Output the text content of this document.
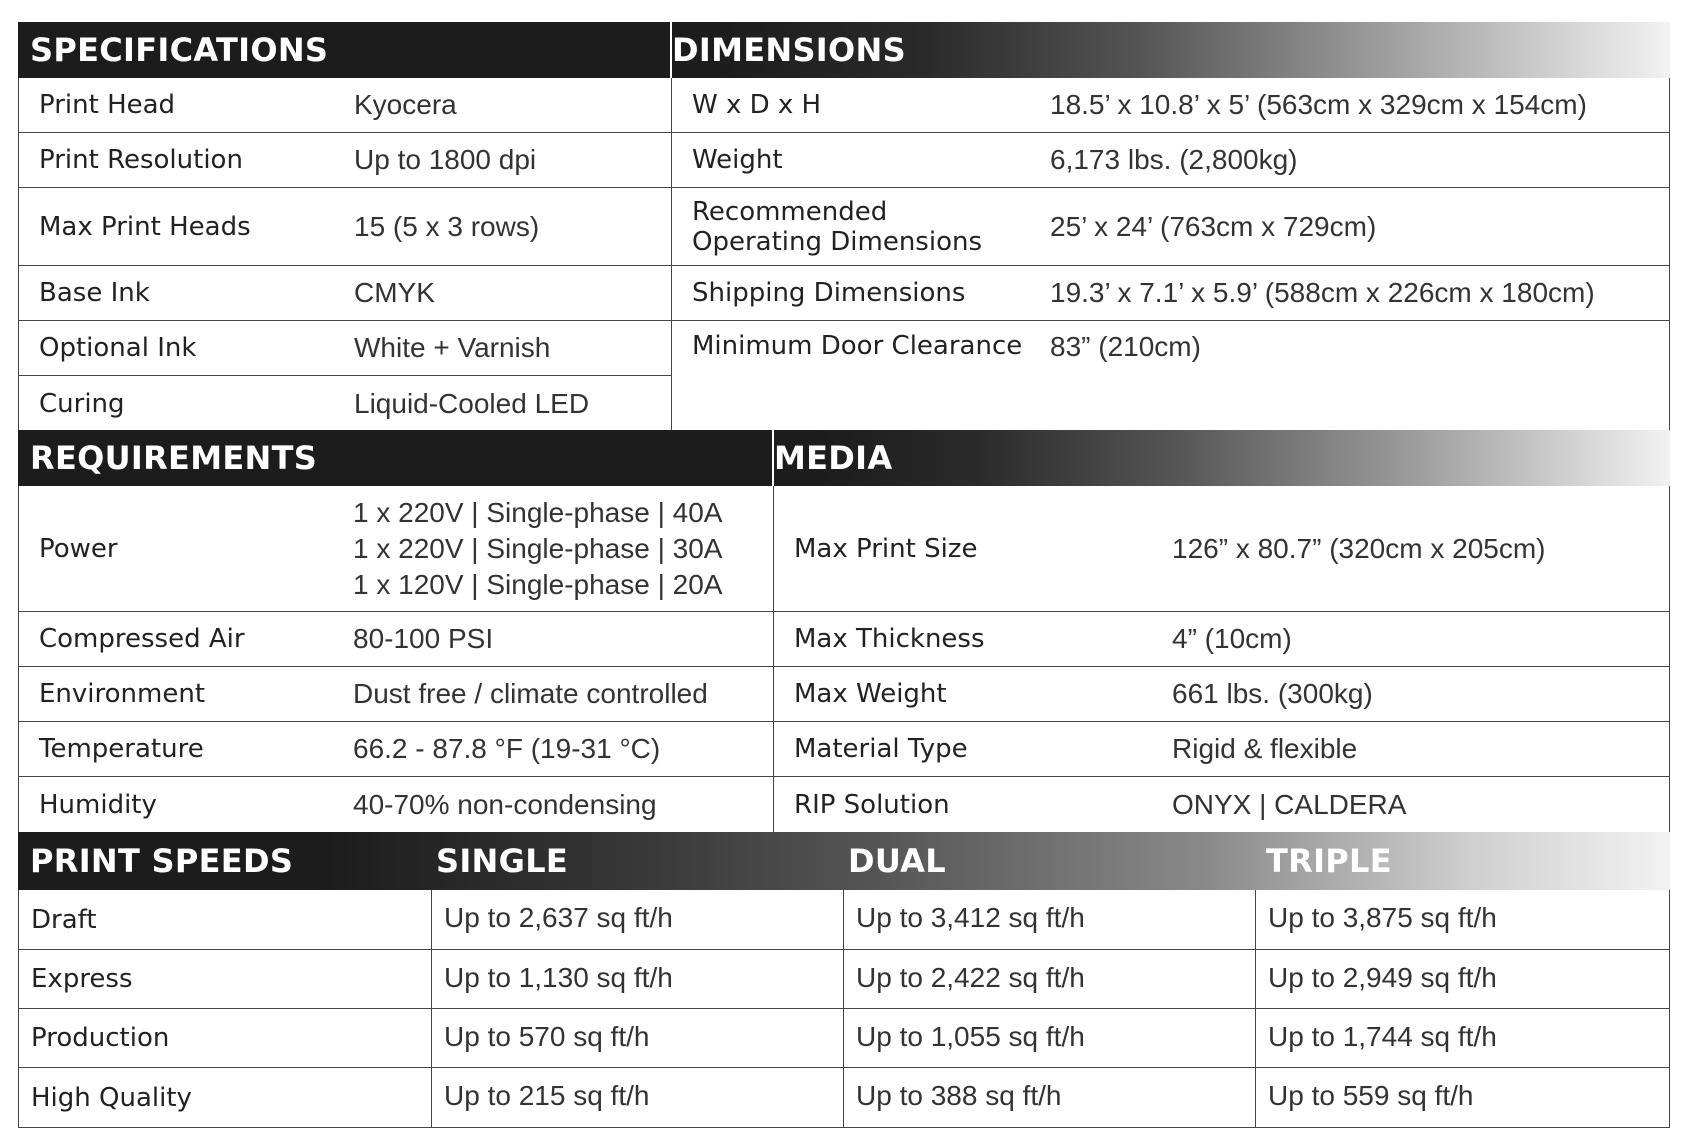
SPECIFICATIONS	DIMENSIONS
Print Head	Kyocera
Print Resolution	Up to 1800 dpi
Max Print Heads	15 (5 x 3 rows)
Base Ink	CMYK
Optional Ink	White + Varnish
Curing	Liquid-Cooled LED
W x D x H	18.5’ x 10.8’ x 5’ (563cm x 329cm x 154cm)
Weight	6,173 lbs. (2,800kg)
Recommended
Operating Dimensions	25’ x 24’ (763cm x 729cm)
Shipping Dimensions	19.3’ x 7.1’ x 5.9’ (588cm x 226cm x 180cm)
Minimum Door Clearance 83” (210cm)
REQUIREMENTS	MEDIA
Power
1 x 220V | Single-phase | 40A
1 x 220V | Single-phase | 30A
1 x 120V | Single-phase | 20A
Compressed Air	80-100 PSI
Environment	Dust free / climate controlled
Temperature	66.2 - 87.8 °F (19-31 °C)
Humidity	40-70% non-condensing
Max Print Size	126” x 80.7” (320cm x 205cm)
Max Thickness	4” (10cm)
Max Weight	661 lbs. (300kg)
Material Type	Rigid & flexible
RIP Solution	ONYX | CALDERA
PRINT SPEEDS	SINGLE	DUAL	TRIPLE
Draft	Up to 2,637 sq ft/h	Up to 3,412 sq ft/h	Up to 3,875 sq ft/h
Express	Up to 1,130 sq ft/h	Up to 2,422 sq ft/h	Up to 2,949 sq ft/h
Production	Up to 570 sq ft/h	Up to 1,055 sq ft/h	Up to 1,744 sq ft/h
High Quality	Up to 215 sq ft/h	Up to 388 sq ft/h	Up to 559 sq ft/h
